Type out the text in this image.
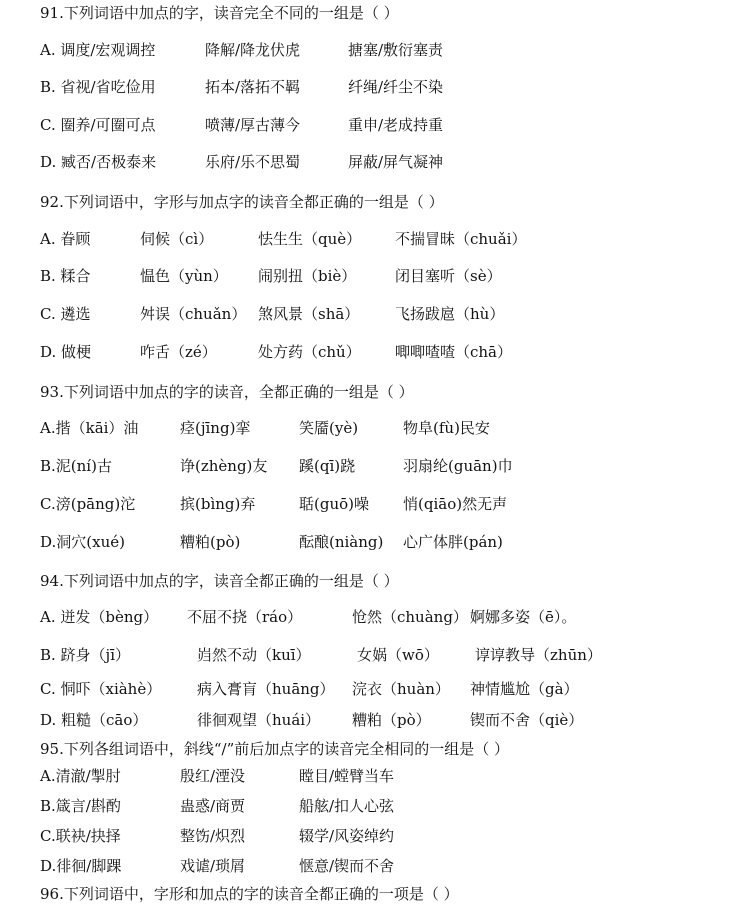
91.下列词语中加点的字，读音完全不同的一组是（ ）
A. 调度/宏观调控	降解/降龙伏虎	搪塞/敷衍塞责
B. 省视/省吃俭用	拓本/落拓不羁	纤绳/纤尘不染
C. 圈养/可圈可点	喷薄/厚古薄今	重申/老成持重
D. 臧否/否极泰来	乐府/乐不思蜀	屏蔽/屏气凝神
92.下列词语中，字形与加点字的读音全都正确的一组是（ ）
A. 眷顾	伺候（cì）	怯生生（què） 不揣冒昧（chuǎi）
B. 糅合	愠色（yùn） 闹别扭（biè）	闭目塞听（sè）
C. 遴选	舛误（chuǎn） 煞风景（shā） 飞扬跋扈（hù）
D. 做梗	咋舌（zé）	处方药（chǔ） 唧唧喳喳（chā）
93.下列词语中加点的字的读音，全都正确的一组是（ ）
A.揩（kāi）油	痉(jīng)挛	笑靥(yè)	物阜(fù)民安
B.泥(ní)古	诤(zhèng)友 蹊(qī)跷	羽扇纶(guān)巾
C.滂(pāng)沱	摈(bìng)弃	聒(guō)噪 悄(qiāo)然无声
D.洞穴(xué)	糟粕(pò)	酝酿(niàng) 心广体胖(pán)
94.下列词语中加点的字，读音全都正确的一组是（ ）
A. 迸发（bèng） 不屈不挠（ráo）	怆然（chuàng） 婀娜多姿（ē）。
B. 跻身（jī）	岿然不动（kuī）	女娲（wō） 谆谆教导（zhūn）
C. 恫吓（xiàhè） 病入膏肓（huāng） 浣衣（huàn） 神情尴尬（gà）
D. 粗糙（cāo）	徘徊观望（huái） 糟粕（pò）	锲而不舍（qiè）
95.下列各组词语中，斜线“/”前后加点字的读音完全相同的一组是（ ）
A.清澈/掣肘	殷红/湮没	瞠目/螳臂当车
B.箴言/斟酌	蛊惑/商贾	船舷/扣人心弦
C.联袂/抉择	整饬/炽烈	辍学/风姿绰约
D.徘徊/脚踝	戏谑/琐屑	惬意/锲而不舍
96.下列词语中，字形和加点的字的读音全都正确的一项是（ ）
